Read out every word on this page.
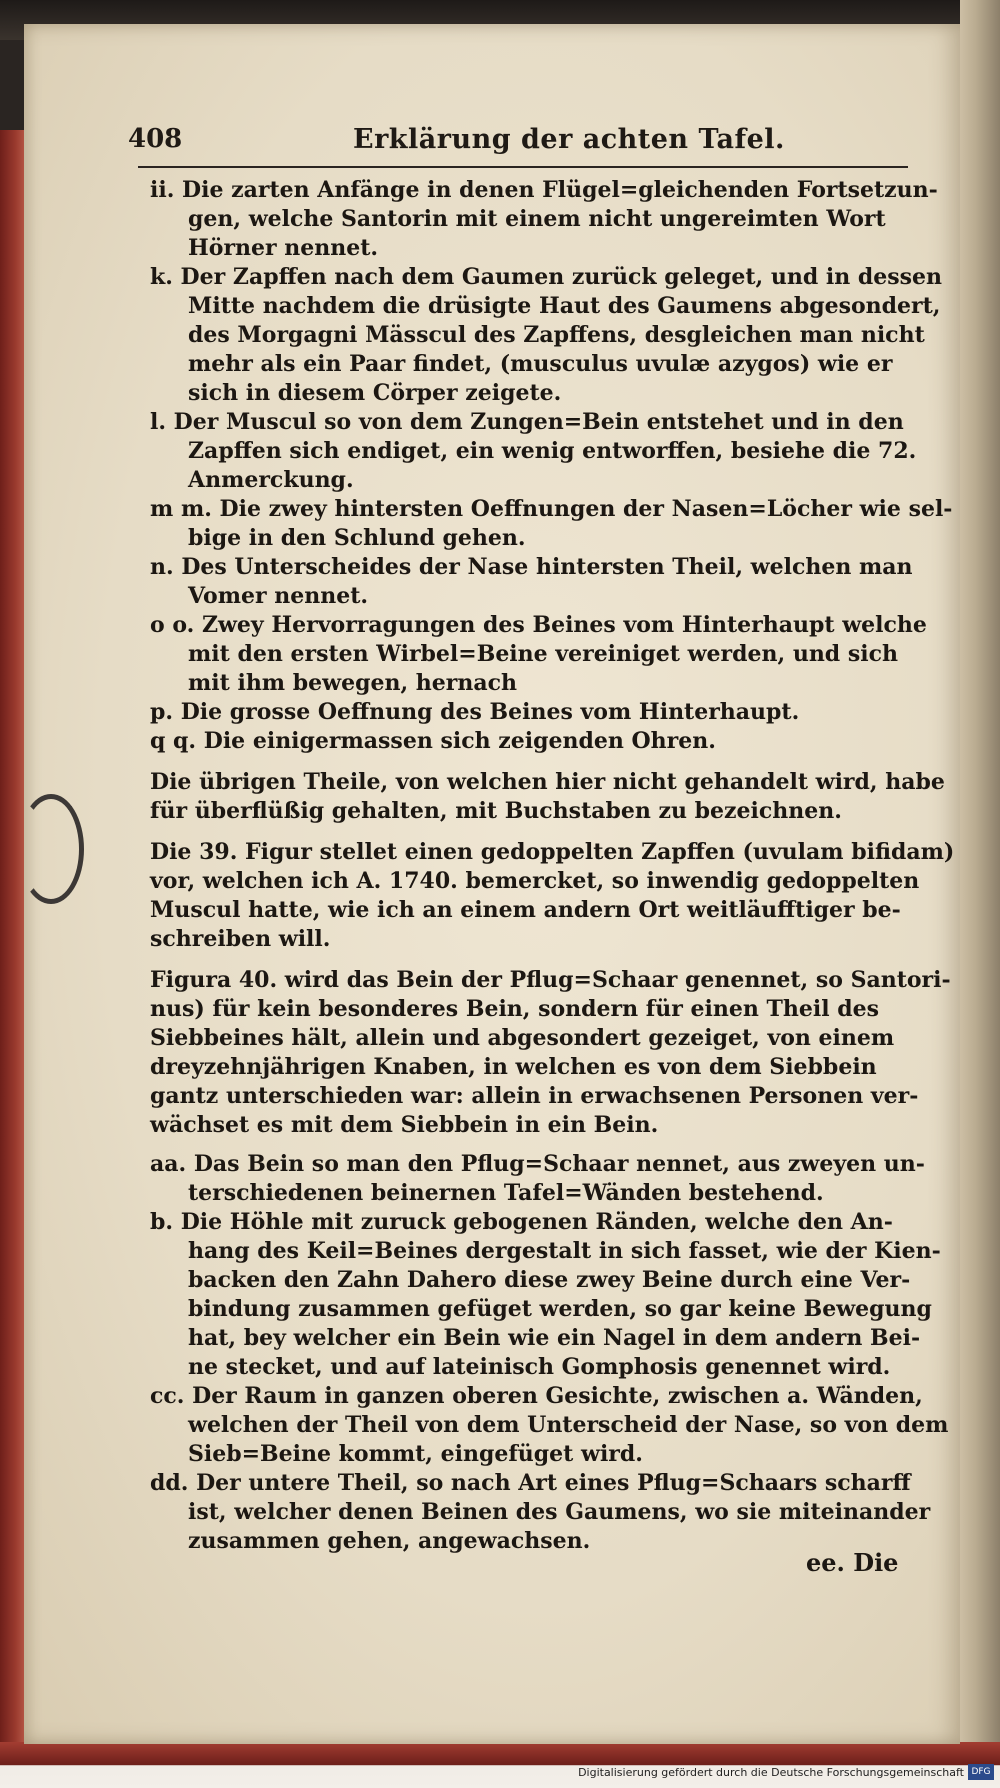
408	Erklärung der achten Tafel.
ii. Die zarten Anfänge in denen Flügel=gleichenden Fortsetzun-
gen, welche Santorin mit einem nicht ungereimten Wort
Hörner nennet.
k. Der Zapffen nach dem Gaumen zurück geleget, und in dessen
Mitte nachdem die drüsigte Haut des Gaumens abgesondert,
des Morgagni Mässcul des Zapffens, desgleichen man nicht
mehr als ein Paar findet, (musculus uvulæ azygos) wie er
sich in diesem Cörper zeigete.
l. Der Muscul so von dem Zungen=Bein entstehet und in den
Zapffen sich endiget, ein wenig entworffen, besiehe die 72.
Anmerckung.
m m. Die zwey hintersten Oeffnungen der Nasen=Löcher wie sel-
bige in den Schlund gehen.
n. Des Unterscheides der Nase hintersten Theil, welchen man
Vomer nennet.
o o. Zwey Hervorragungen des Beines vom Hinterhaupt welche
mit den ersten Wirbel=Beine vereiniget werden, und sich
mit ihm bewegen, hernach
p. Die grosse Oeffnung des Beines vom Hinterhaupt.
q q. Die einigermassen sich zeigenden Ohren.
Die übrigen Theile, von welchen hier nicht gehandelt wird, habe
für überflüßig gehalten, mit Buchstaben zu bezeichnen.
Die 39. Figur stellet einen gedoppelten Zapffen (uvulam bifidam)
vor, welchen ich A. 1740. bemercket, so inwendig gedoppelten
Muscul hatte, wie ich an einem andern Ort weitläufftiger be-
schreiben will.
Figura 40. wird das Bein der Pflug=Schaar genennet, so Santori-
nus) für kein besonderes Bein, sondern für einen Theil des
Siebbeines hält, allein und abgesondert gezeiget, von einem
dreyzehnjährigen Knaben, in welchen es von dem Siebbein
gantz unterschieden war: allein in erwachsenen Personen ver-
wächset es mit dem Siebbein in ein Bein.
aa. Das Bein so man den Pflug=Schaar nennet, aus zweyen un-
terschiedenen beinernen Tafel=Wänden bestehend.
b. Die Höhle mit zuruck gebogenen Ränden, welche den An-
hang des Keil=Beines dergestalt in sich fasset, wie der Kien-
backen den Zahn Dahero diese zwey Beine durch eine Ver-
bindung zusammen gefüget werden, so gar keine Bewegung
hat, bey welcher ein Bein wie ein Nagel in dem andern Bei-
ne stecket, und auf lateinisch Gomphosis genennet wird.
cc. Der Raum in ganzen oberen Gesichte, zwischen a. Wänden,
welchen der Theil von dem Unterscheid der Nase, so von dem
Sieb=Beine kommt, eingefüget wird.
dd. Der untere Theil, so nach Art eines Pflug=Schaars scharff
ist, welcher denen Beinen des Gaumens, wo sie miteinander
zusammen gehen, angewachsen.
ee. Die
Digitalisierung gefördert durch die Deutsche Forschungsgemeinschaft DFG
